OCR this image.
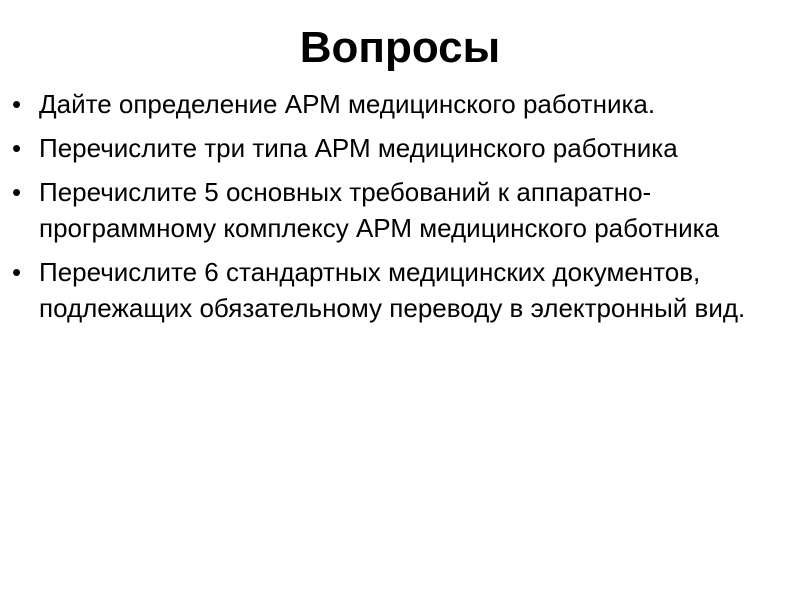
Вопросы
• Дайте определение АРМ медицинского работника.
• Перечислите три типа АРМ медицинского работника
• Перечислите 5 основных требований к аппаратно-программному комплексу АРМ медицинского работника
• Перечислите 6 стандартных медицинских документов, подлежащих обязательному переводу в электронный вид.
